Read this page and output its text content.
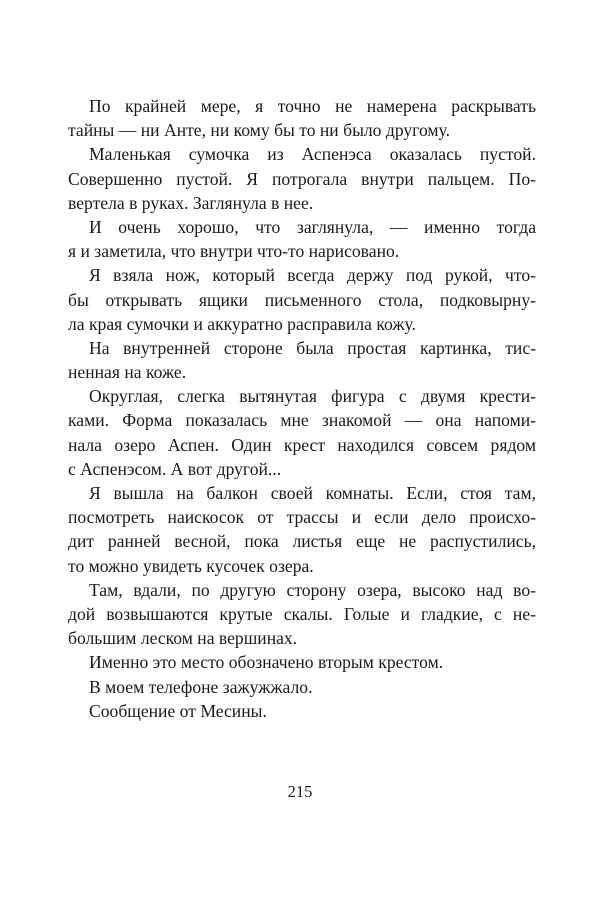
По крайней мере, я точно не намерена раскрывать
тайны — ни Анте, ни кому бы то ни было другому.
Маленькая сумочка из Аспенэса оказалась пустой.
Совершенно пустой. Я потрогала внутри пальцем. По-
вертела в руках. Заглянула в нее.
И очень хорошо, что заглянула, — именно тогда
я и заметила, что внутри что-то нарисовано.
Я взяла нож, который всегда держу под рукой, что-
бы открывать ящики письменного стола, подковырну-
ла края сумочки и аккуратно расправила кожу.
На внутренней стороне была простая картинка, тис-
ненная на коже.
Округлая, слегка вытянутая фигура с двумя крести-
ками. Форма показалась мне знакомой — она напоми-
нала озеро Аспен. Один крест находился совсем рядом
с Аспенэсом. А вот другой...
Я вышла на балкон своей комнаты. Если, стоя там,
посмотреть наискосок от трассы и если дело происхо-
дит ранней весной, пока листья еще не распустились,
то можно увидеть кусочек озера.
Там, вдали, по другую сторону озера, высоко над во-
дой возвышаются крутые скалы. Голые и гладкие, с не-
большим леском на вершинах.
Именно это место обозначено вторым крестом.
В моем телефоне зажужжало.
Сообщение от Месины.
215
